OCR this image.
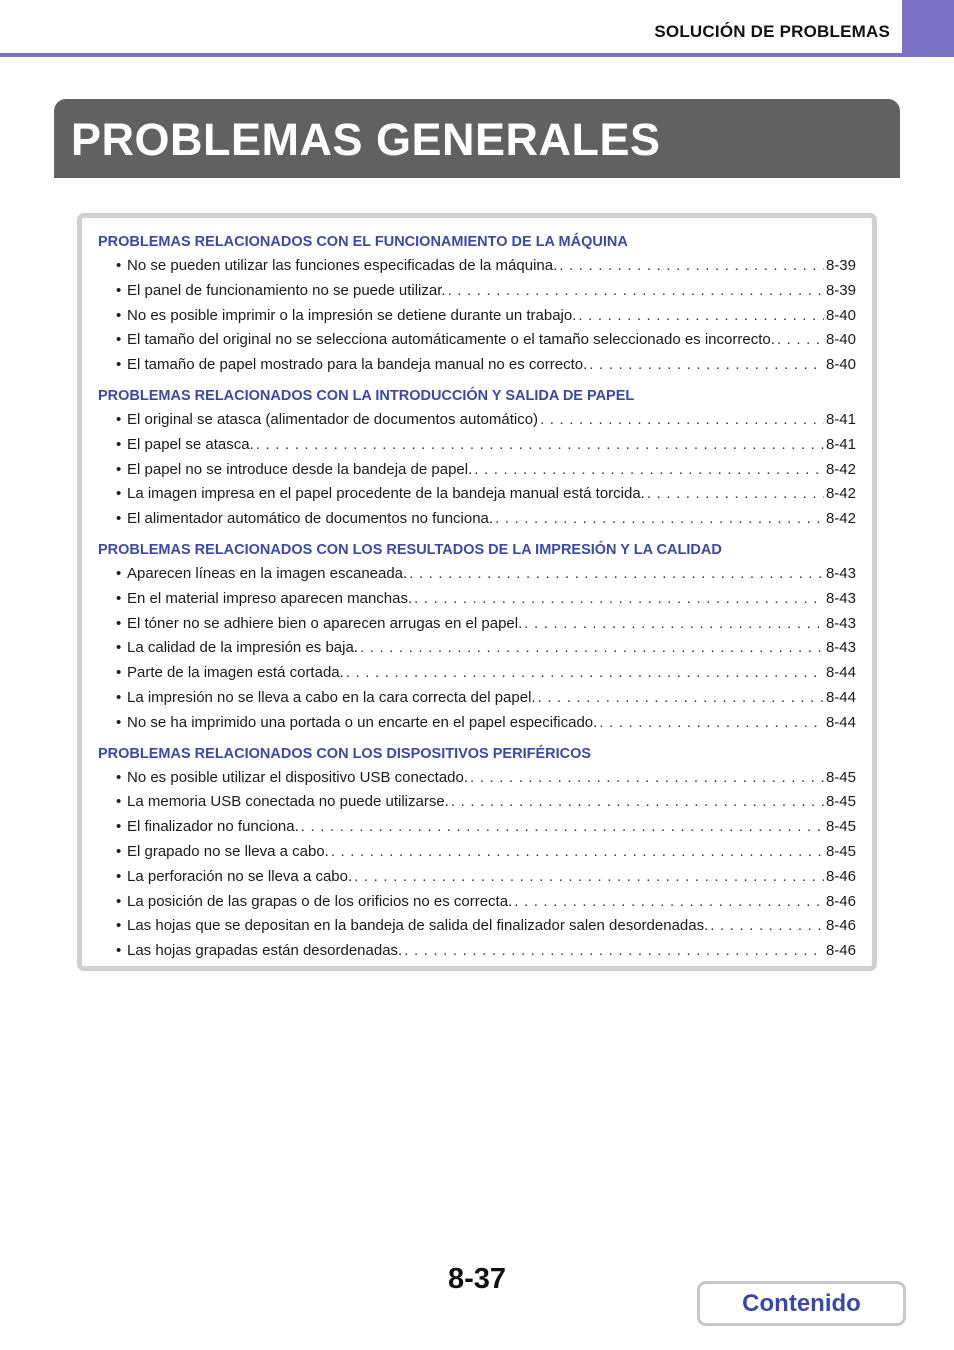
SOLUCIÓN DE PROBLEMAS
PROBLEMAS GENERALES
PROBLEMAS RELACIONADOS CON EL FUNCIONAMIENTO DE LA MÁQUINA
• No se pueden utilizar las funciones especificadas de la máquina. . . .	8-39
• El panel de funcionamiento no se puede utilizar. . . .	8-39
• No es posible imprimir o la impresión se detiene durante un trabajo. . . .	8-40
• El tamaño del original no se selecciona automáticamente o el tamaño seleccionado es incorrecto. . . .	8-40
• El tamaño de papel mostrado para la bandeja manual no es correcto. . . .	8-40
PROBLEMAS RELACIONADOS CON LA INTRODUCCIÓN Y SALIDA DE PAPEL
• El original se atasca (alimentador de documentos automático) . . .	8-41
• El papel se atasca. . . .	8-41
• El papel no se introduce desde la bandeja de papel. . . .	8-42
• La imagen impresa en el papel procedente de la bandeja manual está torcida. . . .	8-42
• El alimentador automático de documentos no funciona. . . .	8-42
PROBLEMAS RELACIONADOS CON LOS RESULTADOS DE LA IMPRESIÓN Y LA CALIDAD
• Aparecen líneas en la imagen escaneada. . . .	8-43
• En el material impreso aparecen manchas. . . .	8-43
• El tóner no se adhiere bien o aparecen arrugas en el papel. . . .	8-43
• La calidad de la impresión es baja. . . .	8-43
• Parte de la imagen está cortada. . . .	8-44
• La impresión no se lleva a cabo en la cara correcta del papel. . . .	8-44
• No se ha imprimido una portada o un encarte en el papel especificado. . . .	8-44
PROBLEMAS RELACIONADOS CON LOS DISPOSITIVOS PERIFÉRICOS
• No es posible utilizar el dispositivo USB conectado. . . .	8-45
• La memoria USB conectada no puede utilizarse. . . .	8-45
• El finalizador no funciona. . . .	8-45
• El grapado no se lleva a cabo. . . .	8-45
• La perforación no se lleva a cabo. . . .	8-46
• La posición de las grapas o de los orificios no es correcta. . . .	8-46
• Las hojas que se depositan en la bandeja de salida del finalizador salen desordenadas. . . .	8-46
• Las hojas grapadas están desordenadas. . . .	8-46
8-37
Contenido
